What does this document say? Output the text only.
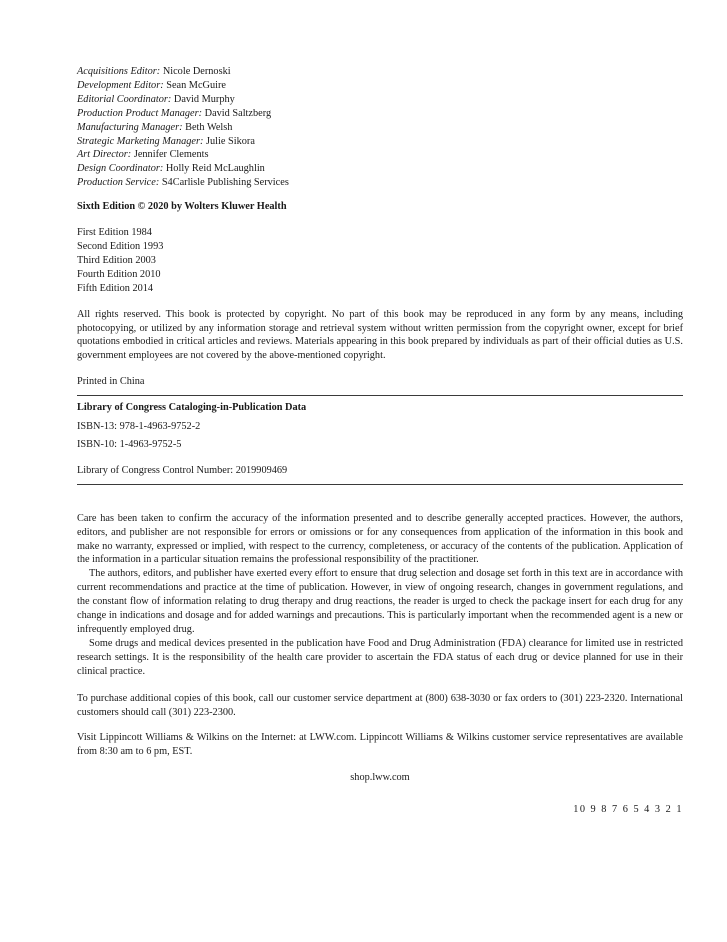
Acquisitions Editor: Nicole Dernoski
Development Editor: Sean McGuire
Editorial Coordinator: David Murphy
Production Product Manager: David Saltzberg
Manufacturing Manager: Beth Welsh
Strategic Marketing Manager: Julie Sikora
Art Director: Jennifer Clements
Design Coordinator: Holly Reid McLaughlin
Production Service: S4Carlisle Publishing Services
Sixth Edition © 2020 by Wolters Kluwer Health
First Edition 1984
Second Edition 1993
Third Edition 2003
Fourth Edition 2010
Fifth Edition 2014
All rights reserved. This book is protected by copyright. No part of this book may be reproduced in any form by any means, including photocopying, or utilized by any information storage and retrieval system without written permission from the copyright owner, except for brief quotations embodied in critical articles and reviews. Materials appearing in this book prepared by individuals as part of their official duties as U.S. government employees are not covered by the above-mentioned copyright.
Printed in China
Library of Congress Cataloging-in-Publication Data
ISBN-13: 978-1-4963-9752-2
ISBN-10: 1-4963-9752-5
Library of Congress Control Number: 2019909469

Care has been taken to confirm the accuracy of the information presented and to describe generally accepted practices. However, the authors, editors, and publisher are not responsible for errors or omissions or for any consequences from application of the information in this book and make no warranty, expressed or implied, with respect to the currency, completeness, or accuracy of the contents of the publication. Application of the information in a particular situation remains the professional responsibility of the practitioner.

The authors, editors, and publisher have exerted every effort to ensure that drug selection and dosage set forth in this text are in accordance with current recommendations and practice at the time of publication. However, in view of ongoing research, changes in government regulations, and the constant flow of information relating to drug therapy and drug reactions, the reader is urged to check the package insert for each drug for any change in indications and dosage and for added warnings and precautions. This is particularly important when the recommended agent is a new or infrequently employed drug.

Some drugs and medical devices presented in the publication have Food and Drug Administration (FDA) clearance for limited use in restricted research settings. It is the responsibility of the health care provider to ascertain the FDA status of each drug or device planned for use in their clinical practice.

To purchase additional copies of this book, call our customer service department at (800) 638-3030 or fax orders to (301) 223-2320. International customers should call (301) 223-2300.
Visit Lippincott Williams & Wilkins on the Internet: at LWW.com. Lippincott Williams & Wilkins customer service representatives are available from 8:30 am to 6 pm, EST.
shop.lww.com
10 9 8 7 6 5 4 3 2 1
